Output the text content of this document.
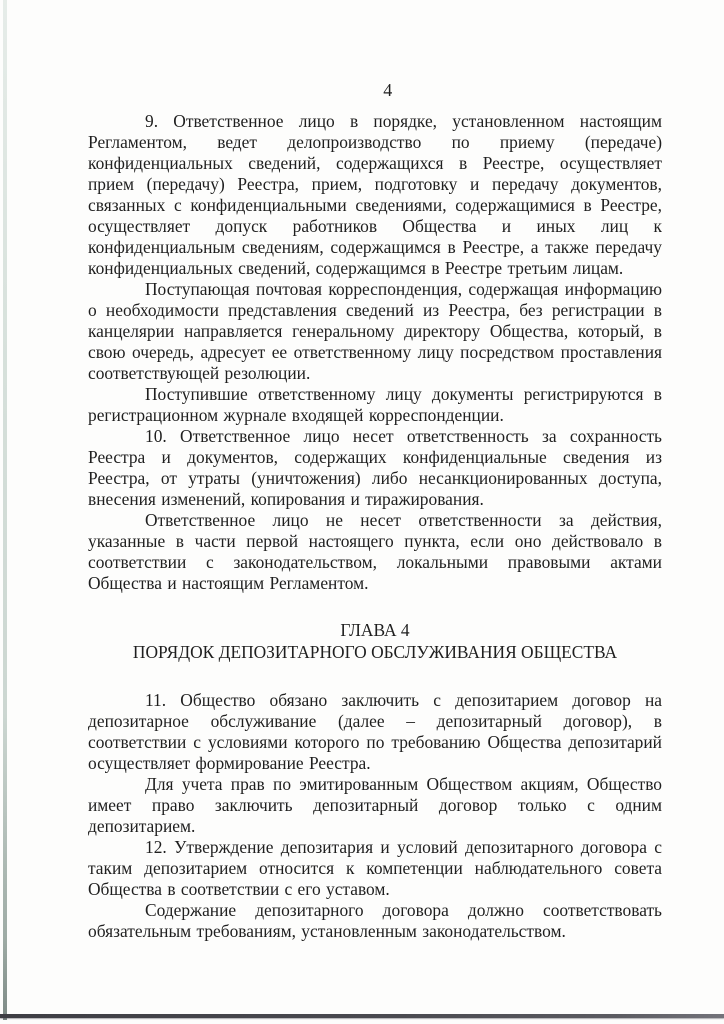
4

9. Ответственное лицо в порядке, установленном настоящим Регламентом, ведет делопроизводство по приему (передаче) конфиденциальных сведений, содержащихся в Реестре, осуществляет прием (передачу) Реестра, прием, подготовку и передачу документов, связанных с конфиденциальными сведениями, содержащимися в Реестре, осуществляет допуск работников Общества и иных лиц к конфиденциальным сведениям, содержащимся в Реестре, а также передачу конфиденциальных сведений, содержащимся в Реестре третьим лицам.

Поступающая почтовая корреспонденция, содержащая информацию о необходимости представления сведений из Реестра, без регистрации в канцелярии направляется генеральному директору Общества, который, в свою очередь, адресует ее ответственному лицу посредством проставления соответствующей резолюции.

Поступившие ответственному лицу документы регистрируются в регистрационном журнале входящей корреспонденции.

10. Ответственное лицо несет ответственность за сохранность Реестра и документов, содержащих конфиденциальные сведения из Реестра, от утраты (уничтожения) либо несанкционированных доступа, внесения изменений, копирования и тиражирования.

Ответственное лицо не несет ответственности за действия, указанные в части первой настоящего пункта, если оно действовало в соответствии с законодательством, локальными правовыми актами Общества и настоящим Регламентом.

ГЛАВА 4
ПОРЯДОК ДЕПОЗИТАРНОГО ОБСЛУЖИВАНИЯ ОБЩЕСТВА

11. Общество обязано заключить с депозитарием договор на депозитарное обслуживание (далее – депозитарный договор), в соответствии с условиями которого по требованию Общества депозитарий осуществляет формирование Реестра.

Для учета прав по эмитированным Обществом акциям, Общество имеет право заключить депозитарный договор только с одним депозитарием.

12. Утверждение депозитария и условий депозитарного договора с таким депозитарием относится к компетенции наблюдательного совета Общества в соответствии с его уставом.

Содержание депозитарного договора должно соответствовать обязательным требованиям, установленным законодательством.
